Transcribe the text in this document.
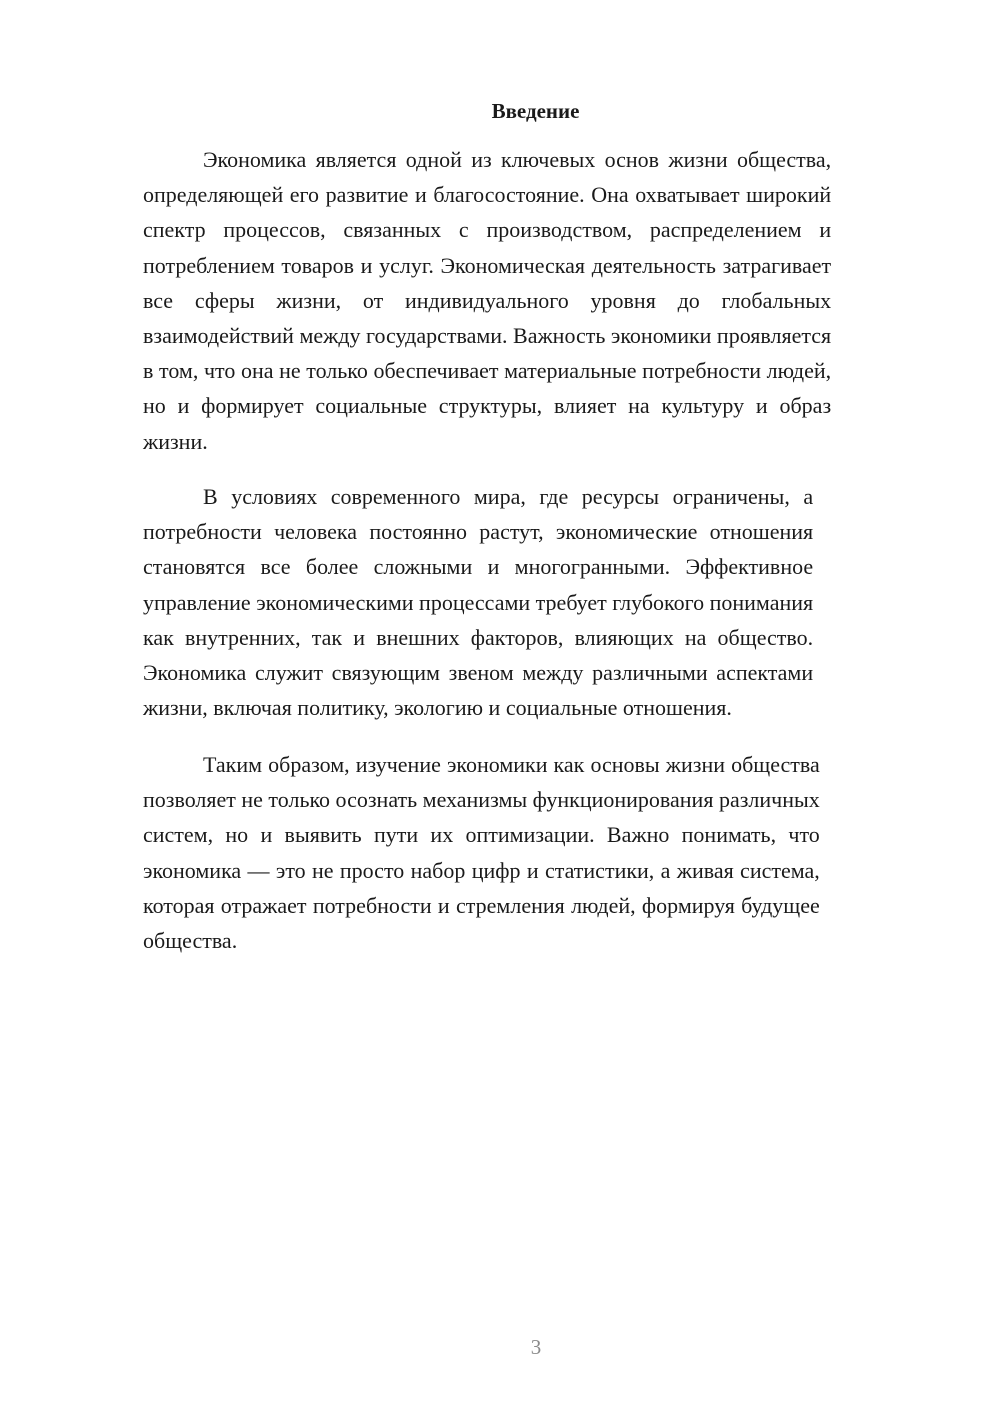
Введение
Экономика является одной из ключевых основ жизни общества,
определяющей его развитие и благосостояние. Она охватывает широкий
спектр процессов, связанных с производством, распределением и
потреблением товаров и услуг. Экономическая деятельность затрагивает
все сферы жизни, от индивидуального уровня до глобальных
взаимодействий между государствами. Важность экономики проявляется
в том, что она не только обеспечивает материальные потребности людей,
но и формирует социальные структуры, влияет на культуру и образ
жизни.
В условиях современного мира, где ресурсы ограничены, а
потребности человека постоянно растут, экономические отношения
становятся все более сложными и многогранными. Эффективное
управление экономическими процессами требует глубокого понимания
как внутренних, так и внешних факторов, влияющих на общество.
Экономика служит связующим звеном между различными аспектами
жизни, включая политику, экологию и социальные отношения.
Таким образом, изучение экономики как основы жизни общества
позволяет не только осознать механизмы функционирования различных
систем, но и выявить пути их оптимизации. Важно понимать, что
экономика — это не просто набор цифр и статистики, а живая система,
которая отражает потребности и стремления людей, формируя будущее
общества.
3
